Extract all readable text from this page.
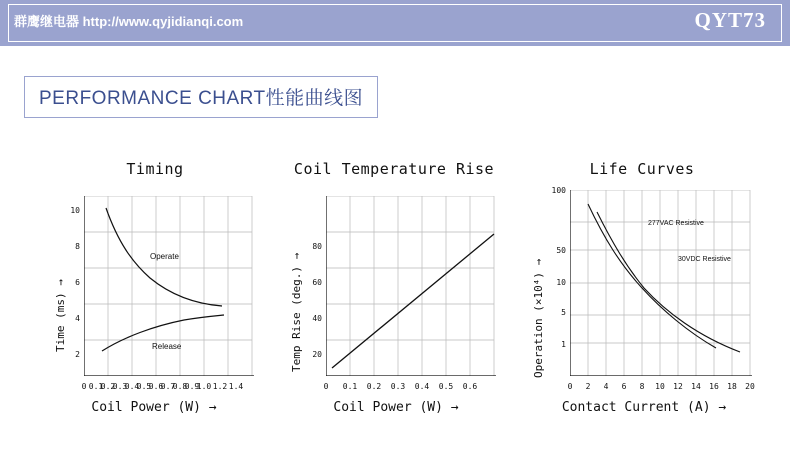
群鹰继电器 http://www.qyjidianqi.com	QYT73
PERFORMANCE CHART性能曲线图
Timing
Time (ms) →
Operate
Release
2
4
6
8
10
0 0.1
0.2
0.3
0.4
0.5
0.6
0.7
0.8
0.9
1.0 1.2 1.4
Coil Power (W) →
Coil Temperature Rise
Temp Rise (deg.) →	20
40
60
80
0	0.1 0.2 0.3 0.4 0.5 0.6
Coil Power (W) →
Life Curves
Operation (×10⁴) →
277VAC Resistive
30VDC Resistive
1
5
10
50
100
0	2	4	6	8	10	12	14	16	18	20
Contact Current (A) →
